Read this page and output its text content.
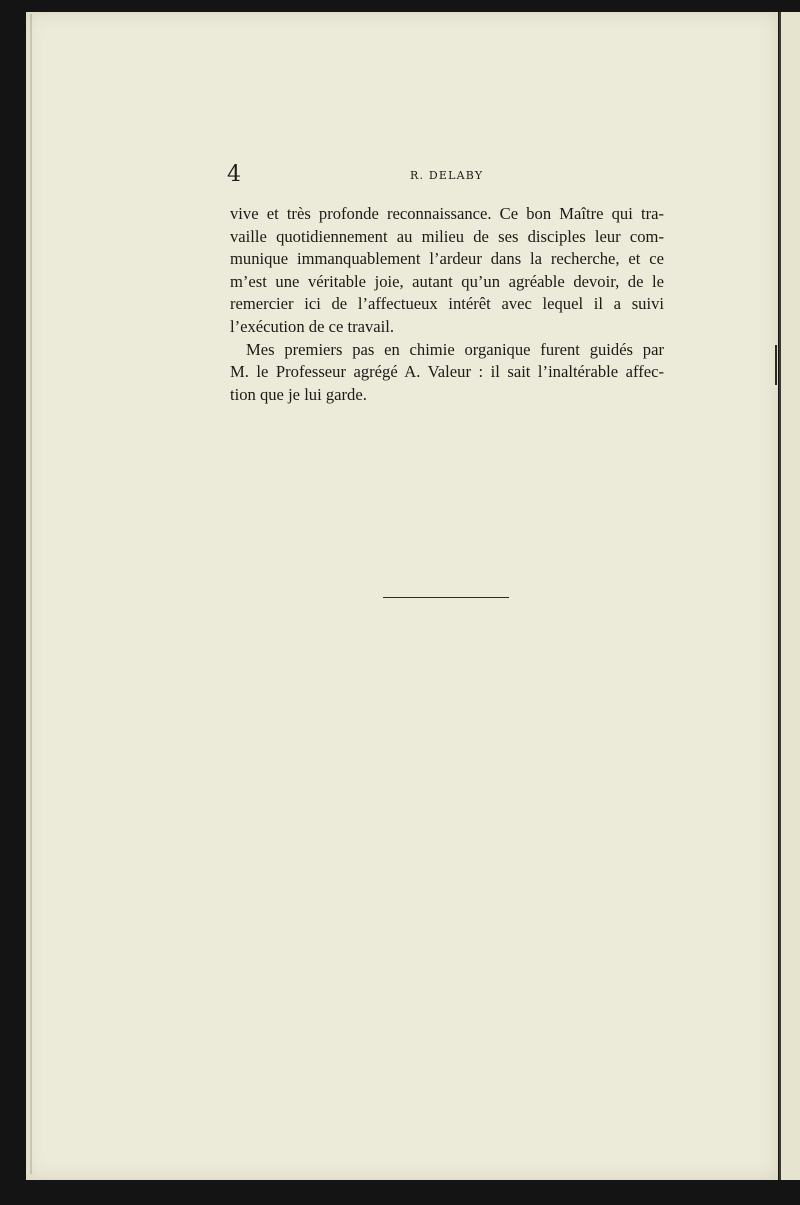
4	R. DELABY
vive et très profonde reconnaissance. Ce bon Maître qui tra-
vaille quotidiennement au milieu de ses disciples leur com-
munique immanquablement l’ardeur dans la recherche, et ce
m’est une véritable joie, autant qu’un agréable devoir, de le
remercier ici de l’affectueux intérêt avec lequel il a suivi
l’exécution de ce travail.
Mes premiers pas en chimie organique furent guidés par
M. le Professeur agrégé A. Valeur : il sait l’inaltérable affec-
tion que je lui garde.
